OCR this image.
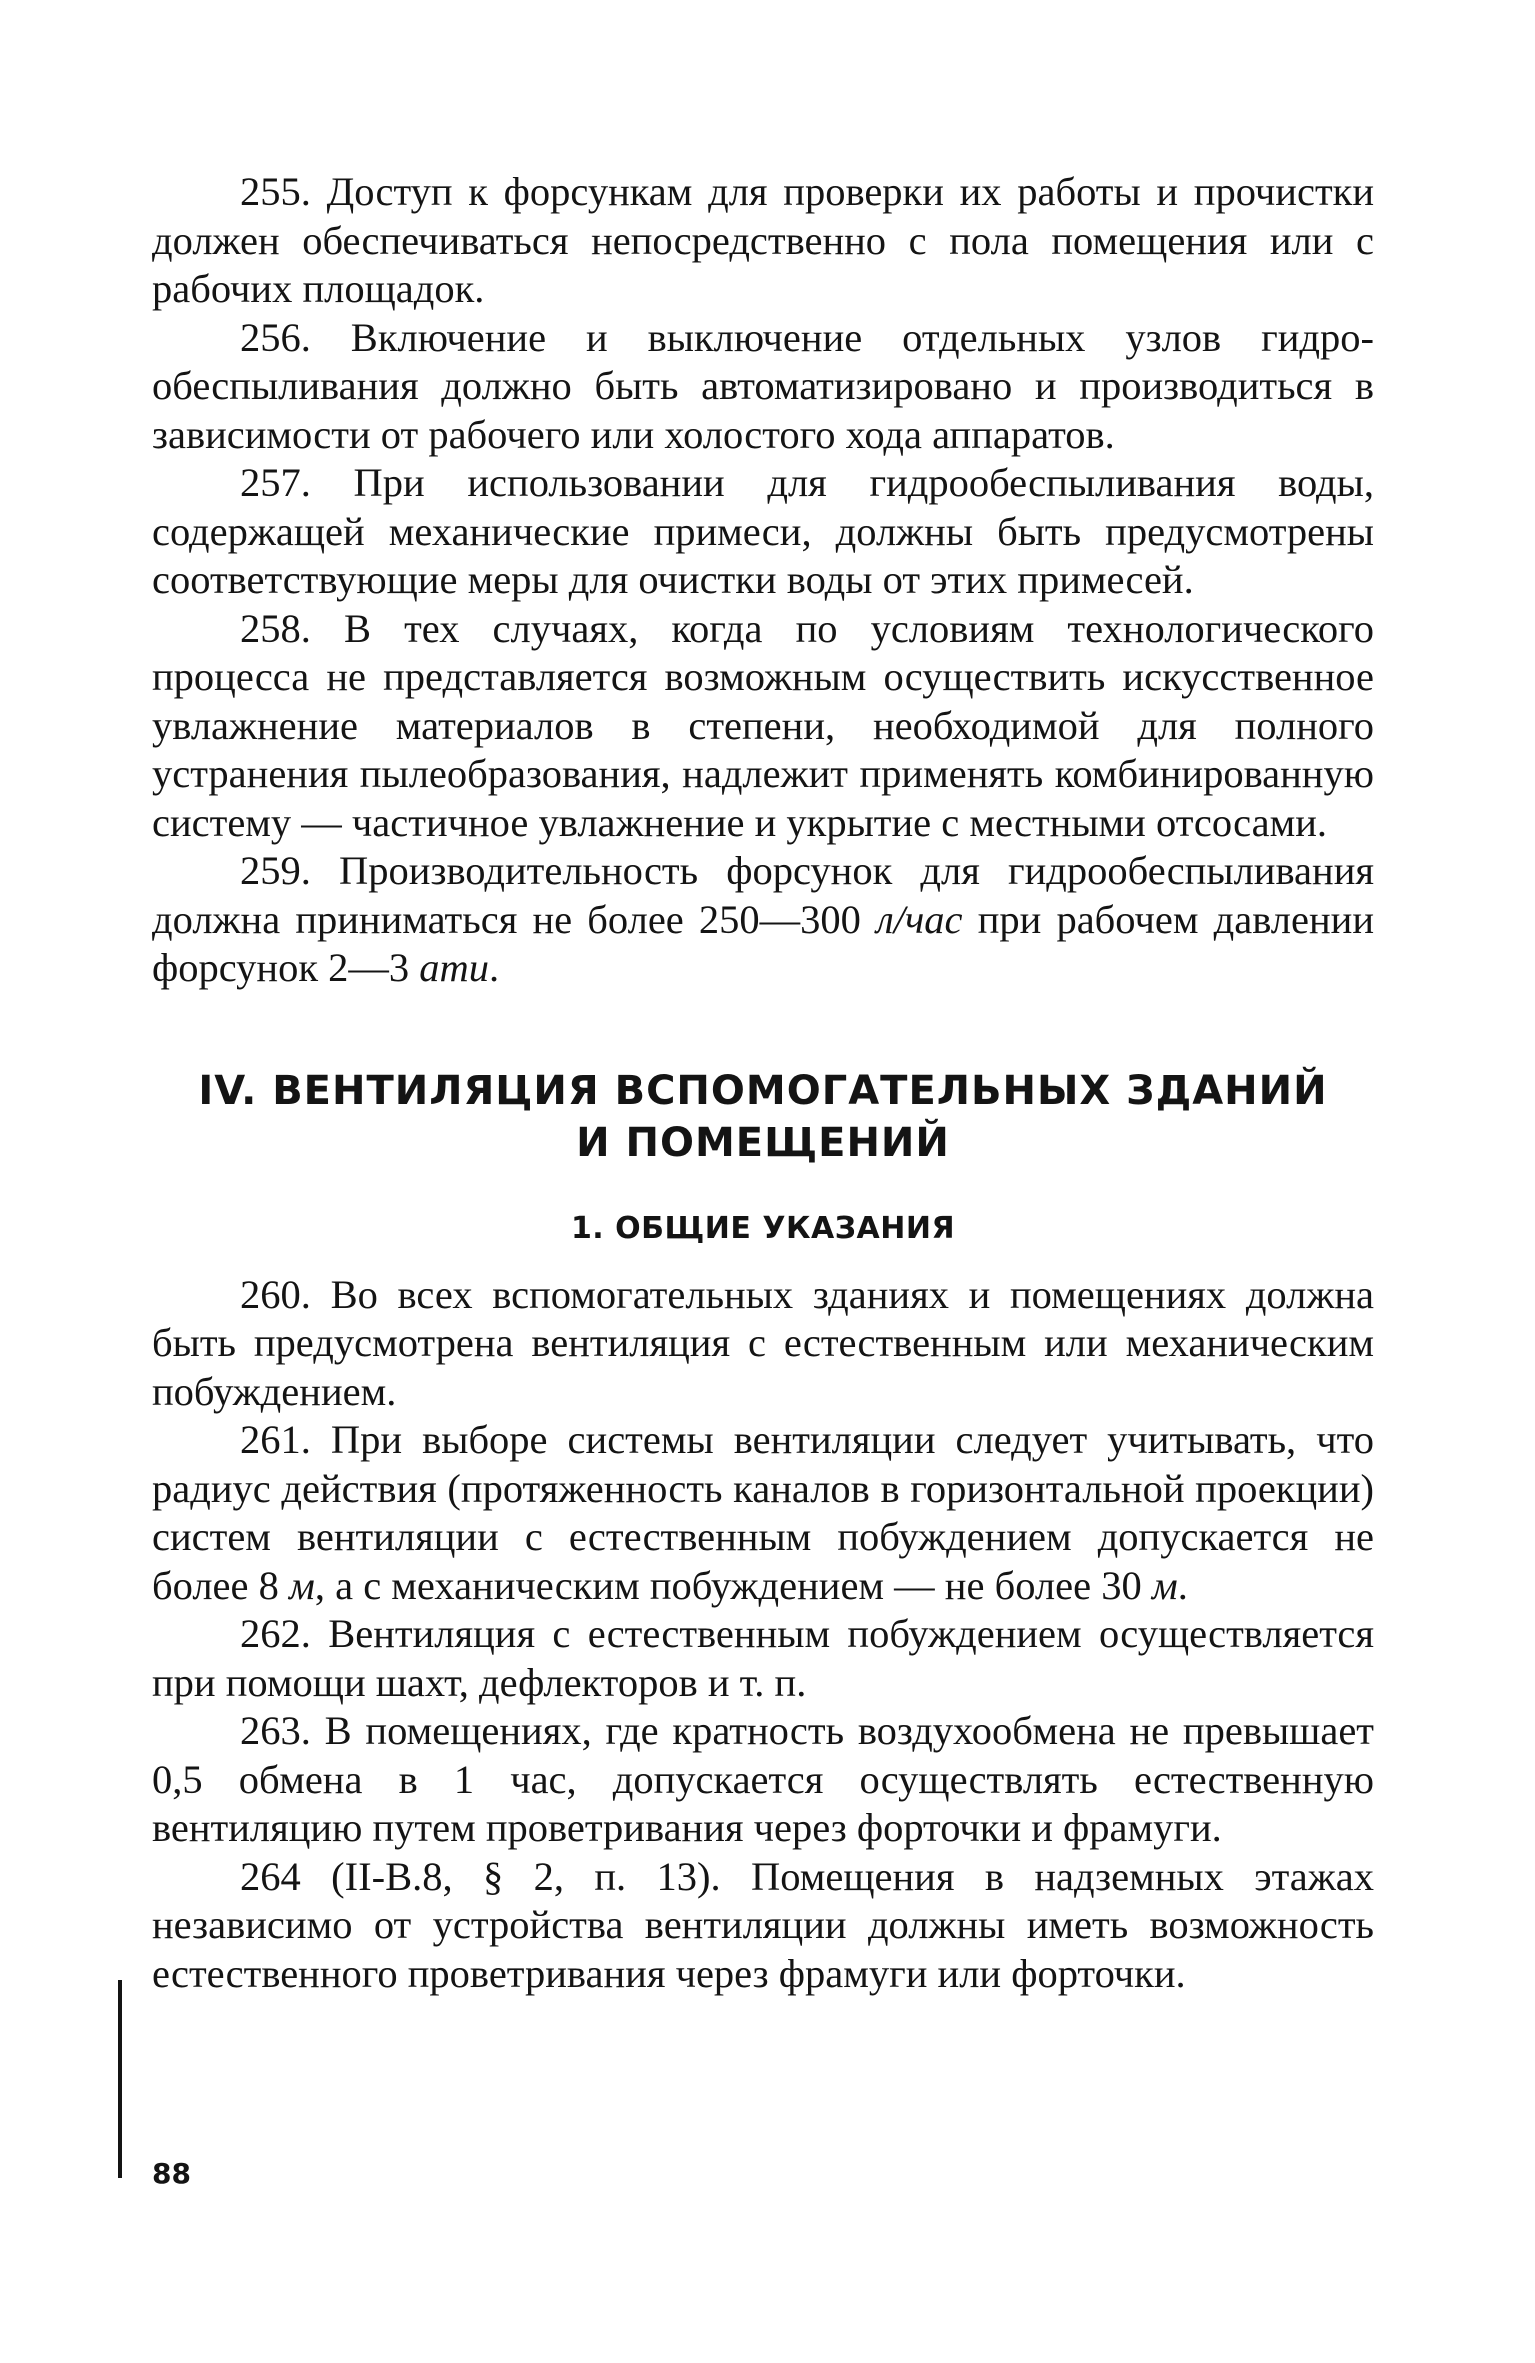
255. Доступ к форсункам для проверки их работы и прочистки должен обеспечиваться непосредственно с пола помещения или с рабочих площадок.

256. Включение и выключение отдельных узлов гидрообеспыливания должно быть автоматизировано и производиться в зависимости от рабочего или холостого хода аппаратов.

257. При использовании для гидрообеспыливания воды, содержащей механические примеси, должны быть предусмотрены соответствующие меры для очистки воды от этих примесей.

258. В тех случаях, когда по условиям технологического процесса не представляется возможным осуществить искусственное увлажнение материалов в степени, необходимой для полного устранения пылеобразования, надлежит применять комбинированную систему — частичное увлажнение и укрытие с местными отсосами.

259. Производительность форсунок для гидрообеспыливания должна приниматься не более 250—300 л/час при рабочем давлении форсунок 2—3 ати.

IV. ВЕНТИЛЯЦИЯ ВСПОМОГАТЕЛЬНЫХ ЗДАНИЙ
И ПОМЕЩЕНИЙ
1. ОБЩИЕ УКАЗАНИЯ

260. Во всех вспомогательных зданиях и помещениях должна быть предусмотрена вентиляция с естественным или механическим побуждением.

261. При выборе системы вентиляции следует учитывать, что радиус действия (протяженность каналов в горизонтальной проекции) систем вентиляции с естественным побуждением допускается не более 8 м, а с механическим побуждением — не более 30 м.

262. Вентиляция с естественным побуждением осуществляется при помощи шахт, дефлекторов и т. п.

263. В помещениях, где кратность воздухообмена не превышает 0,5 обмена в 1 час, допускается осуществлять естественную вентиляцию путем проветривания через форточки и фрамуги.

264 (II-В.8, § 2, п. 13). Помещения в надземных этажах независимо от устройства вентиляции должны иметь возможность естественного проветривания через фрамуги или форточки.

88
